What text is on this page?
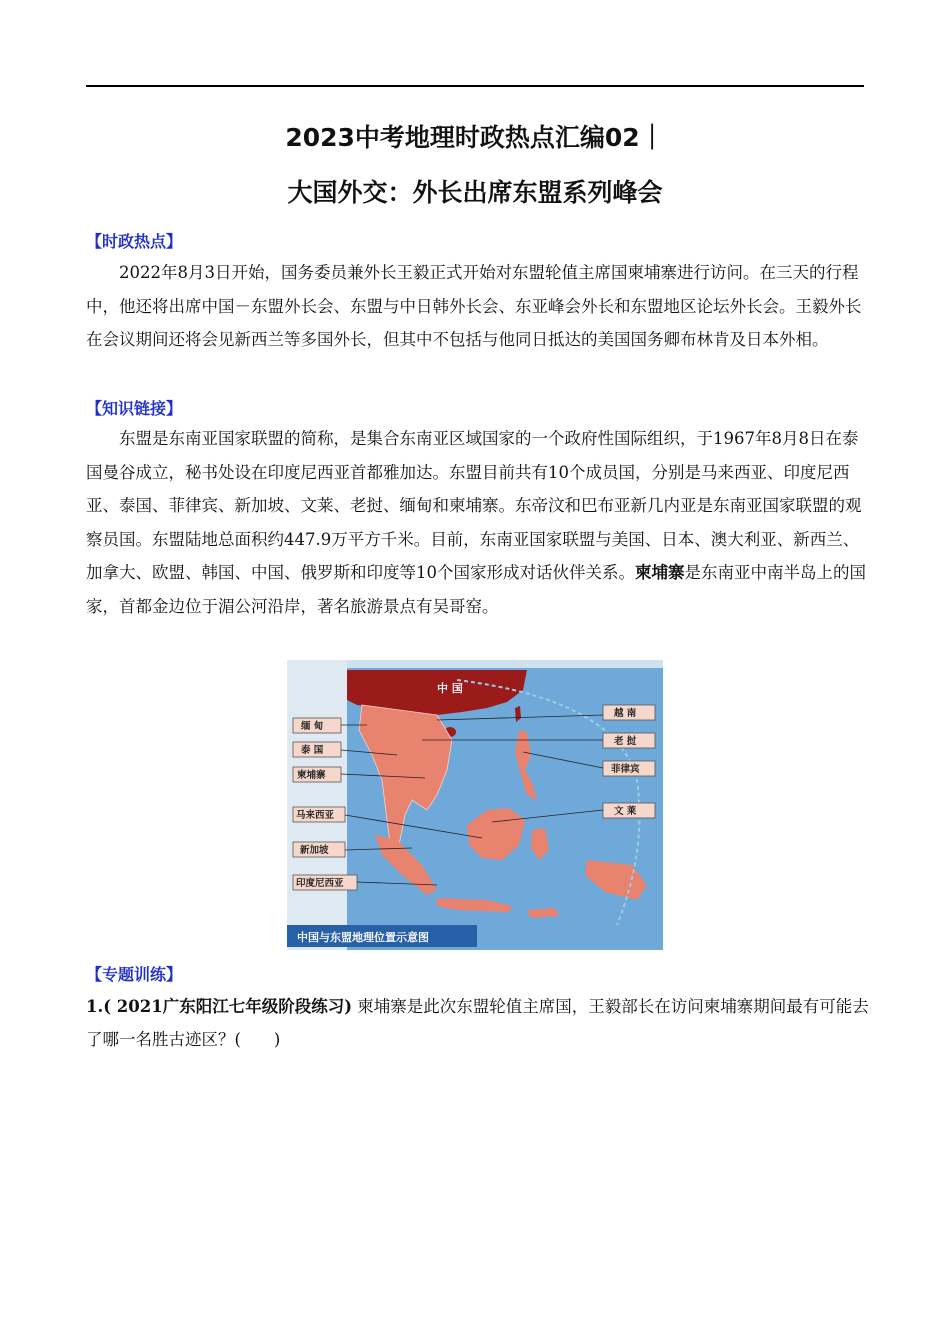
2023中考地理时政热点汇编02｜
大国外交：外长出席东盟系列峰会
【时政热点】

2022年8月3日开始，国务委员兼外长王毅正式开始对东盟轮值主席国柬埔寨进行访问。在三天的行程中，他还将出席中国－东盟外长会、东盟与中日韩外长会、东亚峰会外长和东盟地区论坛外长会。王毅外长在会议期间还将会见新西兰等多国外长，但其中不包括与他同日抵达的美国国务卿布林肯及日本外相。

【知识链接】

东盟是东南亚国家联盟的简称，是集合东南亚区域国家的一个政府性国际组织，于1967年8月8日在泰国曼谷成立，秘书处设在印度尼西亚首都雅加达。东盟目前共有10个成员国，分别是马来西亚、印度尼西亚、泰国、菲律宾、新加坡、文莱、老挝、缅甸和柬埔寨。东帝汶和巴布亚新几内亚是东南亚国家联盟的观察员国。东盟陆地总面积约447.9万平方千米。目前，东南亚国家联盟与美国、日本、澳大利亚、新西兰、加拿大、欧盟、韩国、中国、俄罗斯和印度等10个国家形成对话伙伴关系。柬埔寨是东南亚中南半岛上的国家，首都金边位于湄公河沿岸，著名旅游景点有吴哥窑。

中 国
缅 甸
泰 国
柬埔寨
马来西亚
新加坡
印度尼西亚
越 南
老 挝
菲律宾
文 莱
中国与东盟地理位置示意图
【专题训练】
1.( 2021广东阳江七年级阶段练习) 柬埔寨是此次东盟轮值主席国，王毅部长在访问柬埔寨期间最有可能去了哪一名胜古迹区？(　　)
